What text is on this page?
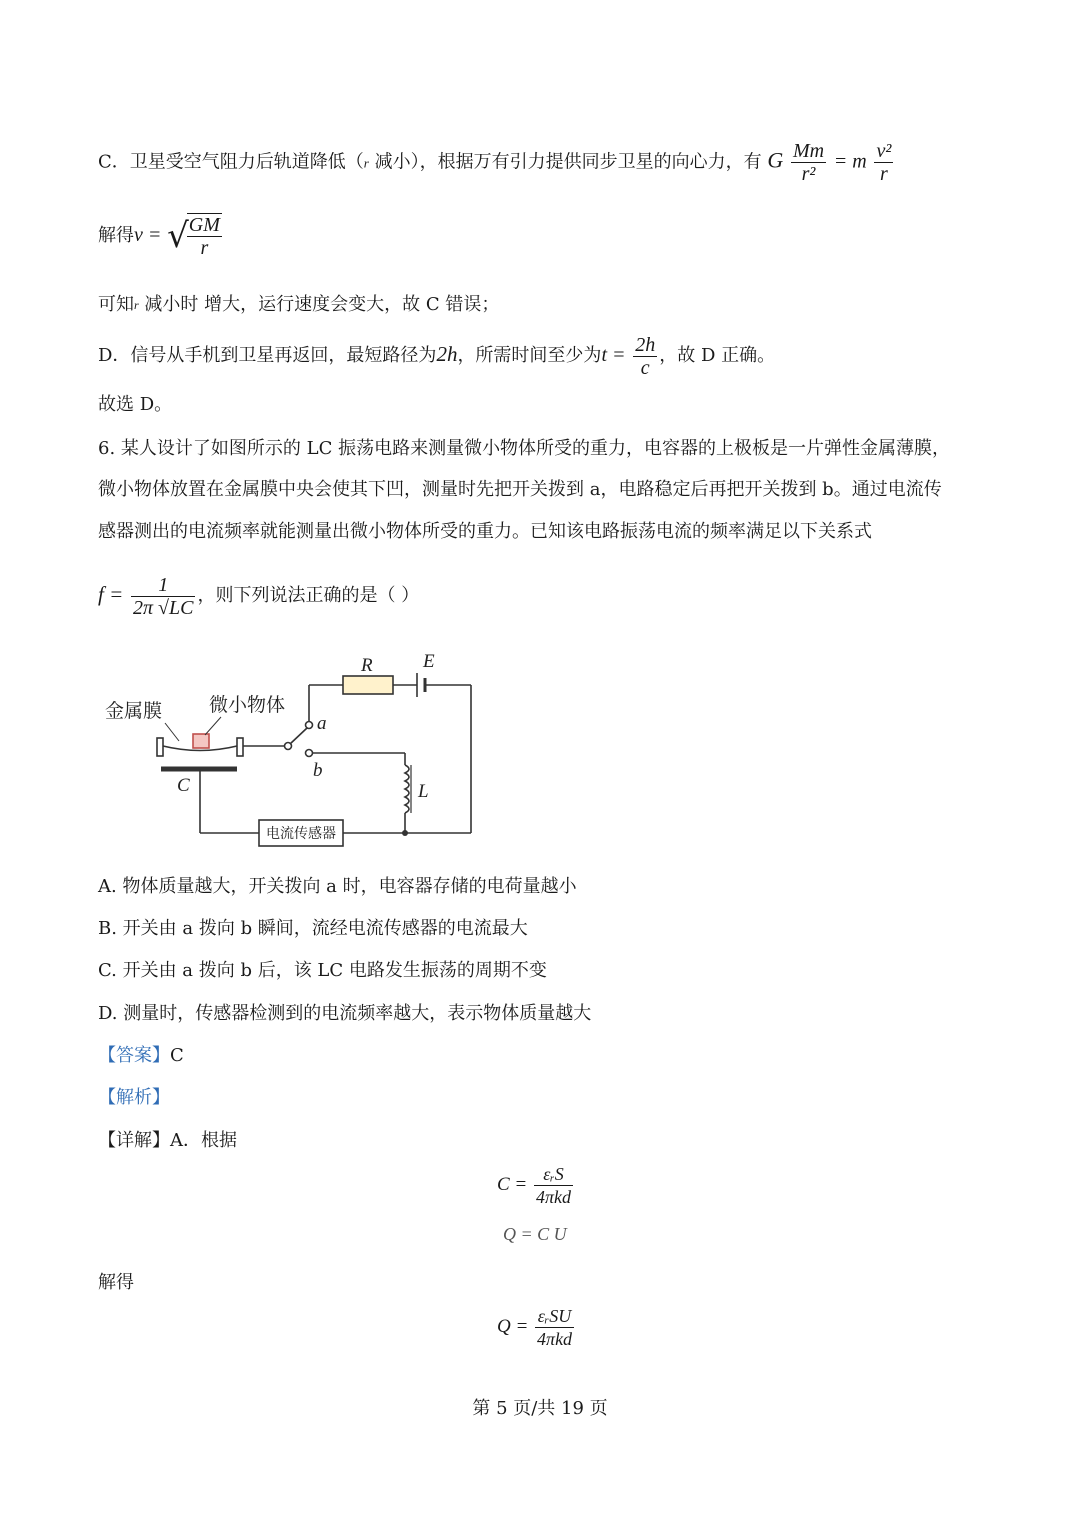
C．卫星受空气阻力后轨道降低（r 减小），根据万有引力提供同步卫星的向心力，有 G $\frac{Mm}{\text{r²}} = m \frac{\text{v²}}{r}$
解得v = √
$\frac{GM}{r}$
可知$^r$ 减小时 增大，运行速度会变大，故 C 错误；
D．信号从手机到卫星再返回，最短路径为2h，所需时间至少为$t = \frac{2h}{c}$ ，故 D 正确。
故选 D。
6. 某人设计了如图所示的 LC 振荡电路来测量微小物体所受的重力，电容器的上极板是一片弹性金属薄膜，
微小物体放置在金属膜中央会使其下凹，测量时先把开关拨到 a，电路稳定后再把开关拨到 b。通过电流传
感器测出的电流频率就能测量出微小物体所受的重力。已知该电路振荡电流的频率满足以下关系式
$f = \frac{1}{2\pi √LC}$ ，则下列说法正确的是（ ）
金属膜 微小物体
R	E
a
b
C	L
电流传感器
A. 物体质量越大，开关拨向 a 时，电容器存储的电荷量越小
B. 开关由 a 拨向 b 瞬间，流经电流传感器的电流最大
C. 开关由 a 拨向 b 后，该 LC 电路发生振荡的周期不变
D. 测量时，传感器检测到的电流频率越大，表示物体质量越大
【答案】C
【解析】
【详解】A．根据
$C = \frac{\text{εᵣS}}{\text{4πkd}}$
Q = C U
解得
$Q = \frac{\text{εᵣSU}}{\text{4πkd}}$
第 5 页/共 19 页
